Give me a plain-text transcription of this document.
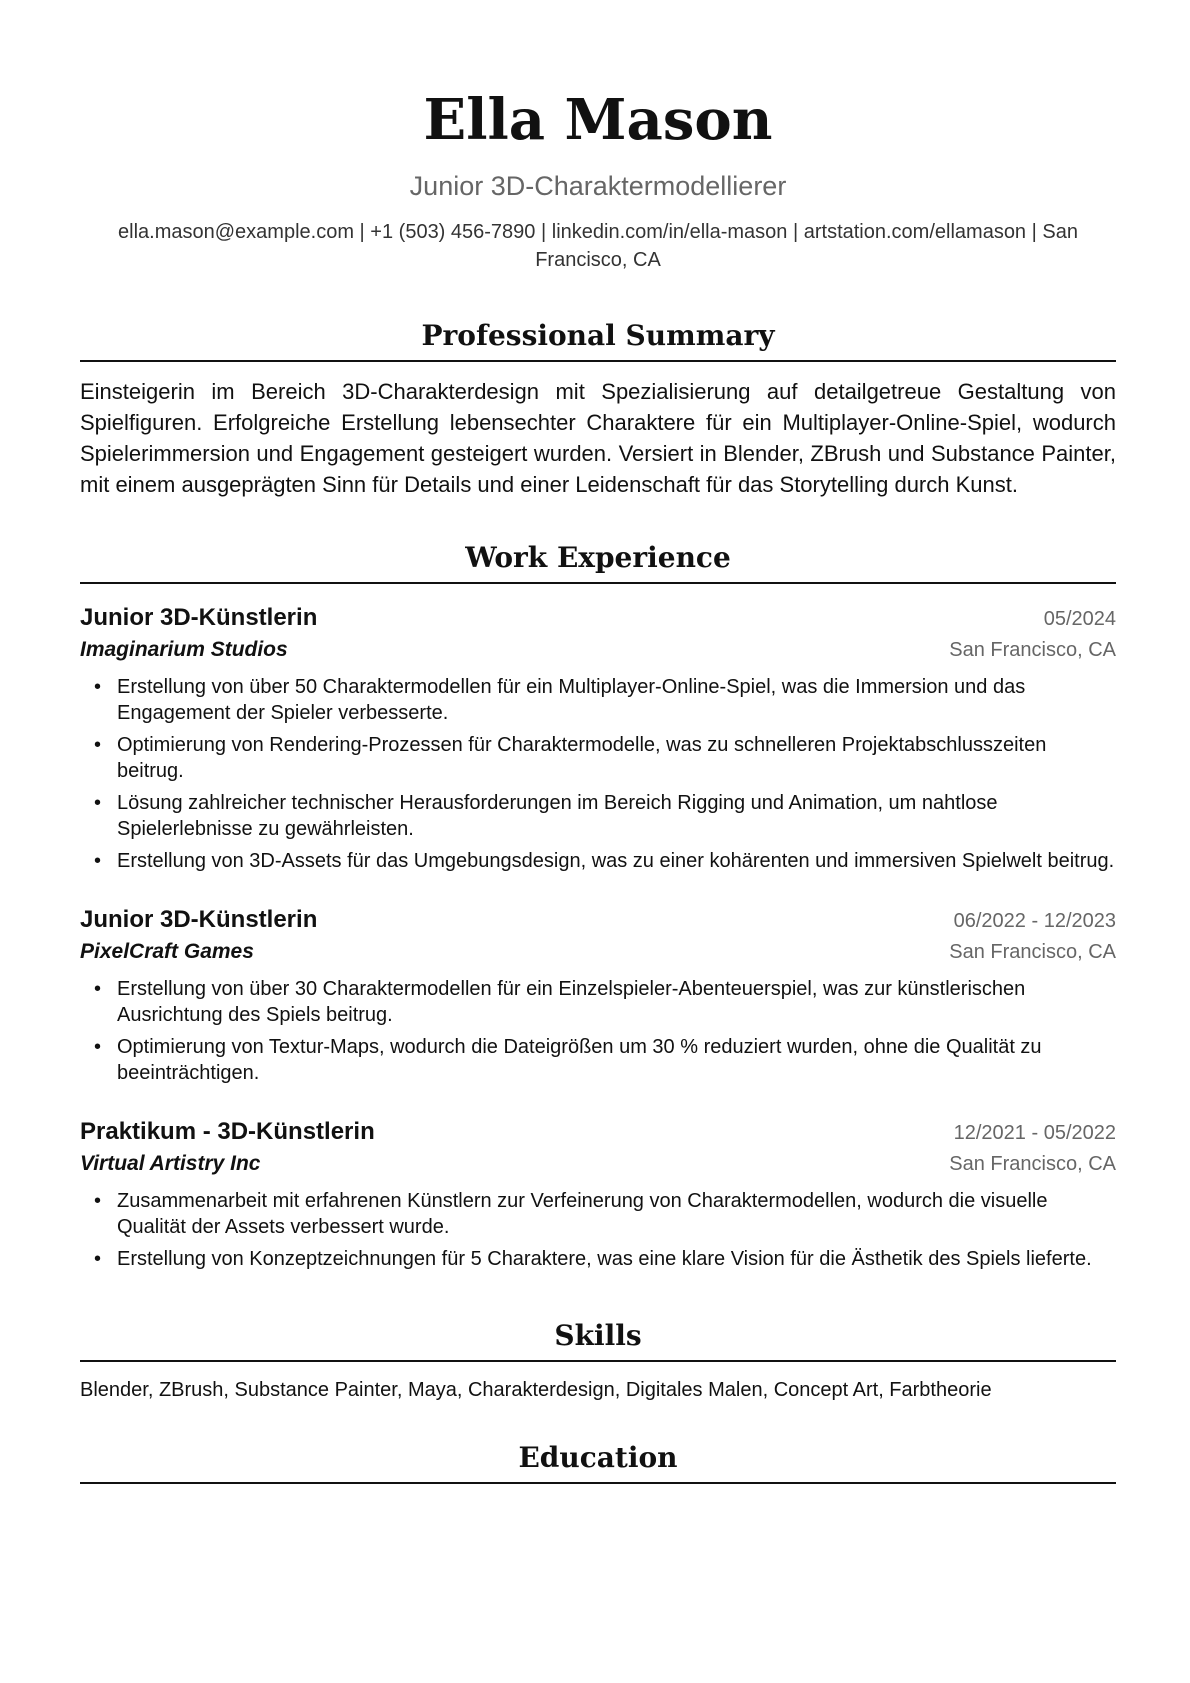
Ella Mason
Junior 3D-Charaktermodellierer
ella.mason@example.com | +1 (503) 456-7890 | linkedin.com/in/ella-mason | artstation.com/ellamason | San Francisco, CA
Professional Summary
Einsteigerin im Bereich 3D-Charakterdesign mit Spezialisierung auf detailgetreue Gestaltung von Spielfiguren. Erfolgreiche Erstellung lebensechter Charaktere für ein Multiplayer-Online-Spiel, wodurch Spielerimmersion und Engagement gesteigert wurden. Versiert in Blender, ZBrush und Substance Painter, mit einem ausgeprägten Sinn für Details und einer Leidenschaft für das Storytelling durch Kunst.
Work Experience
Junior 3D-Künstlerin	05/2024
Imaginarium Studios	San Francisco, CA
• Erstellung von über 50 Charaktermodellen für ein Multiplayer-Online-Spiel, was die Immersion und das Engagement der Spieler verbesserte.
• Optimierung von Rendering-Prozessen für Charaktermodelle, was zu schnelleren Projektabschlusszeiten beitrug.
• Lösung zahlreicher technischer Herausforderungen im Bereich Rigging und Animation, um nahtlose Spielerlebnisse zu gewährleisten.
• Erstellung von 3D-Assets für das Umgebungsdesign, was zu einer kohärenten und immersiven Spielwelt beitrug.
Junior 3D-Künstlerin	06/2022 - 12/2023
PixelCraft Games	San Francisco, CA
• Erstellung von über 30 Charaktermodellen für ein Einzelspieler-Abenteuerspiel, was zur künstlerischen Ausrichtung des Spiels beitrug.
• Optimierung von Textur-Maps, wodurch die Dateigrößen um 30 % reduziert wurden, ohne die Qualität zu beeinträchtigen.
Praktikum - 3D-Künstlerin	12/2021 - 05/2022
Virtual Artistry Inc	San Francisco, CA
• Zusammenarbeit mit erfahrenen Künstlern zur Verfeinerung von Charaktermodellen, wodurch die visuelle Qualität der Assets verbessert wurde.
• Erstellung von Konzeptzeichnungen für 5 Charaktere, was eine klare Vision für die Ästhetik des Spiels lieferte.
Skills
Blender, ZBrush, Substance Painter, Maya, Charakterdesign, Digitales Malen, Concept Art, Farbtheorie
Education
